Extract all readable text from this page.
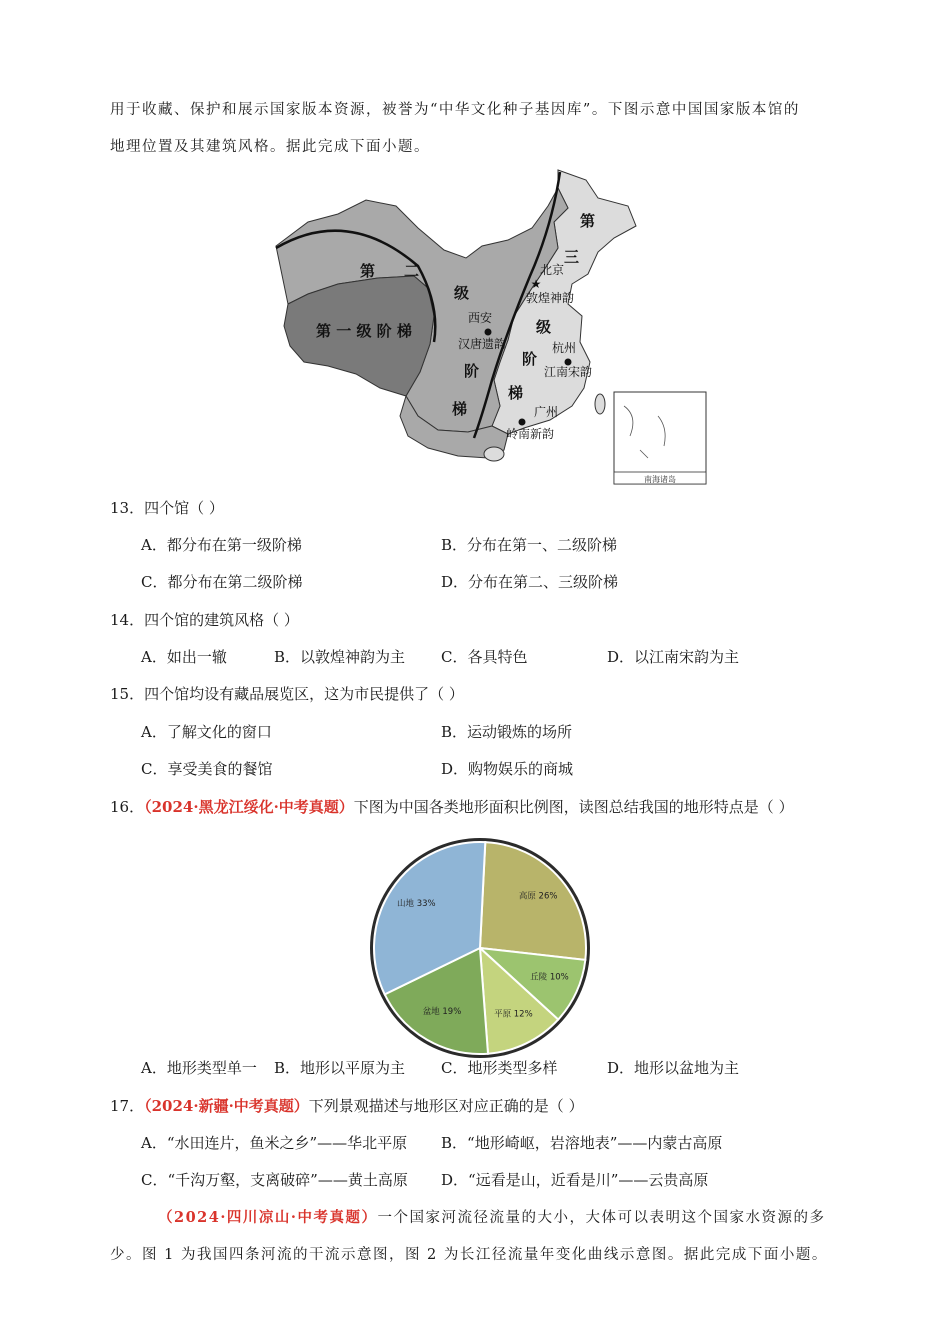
用于收藏、保护和展示国家版本资源，被誉为“中华文化种子基因库”。下图示意中国国家版本馆的
地理位置及其建筑风格。据此完成下面小题。
南海诸岛
第 一 级 阶 梯
第 二
级
阶
梯
第
三
级
阶
梯
★
北京
敦煌神韵
西安
汉唐遗韵	杭州
江南宋韵
广州
岭南新韵
13．四个馆（ ）
A．都分布在第一级阶梯	B．分布在第一、二级阶梯
C．都分布在第二级阶梯	D．分布在第二、三级阶梯
14．四个馆的建筑风格（ ）
A．如出一辙	B．以敦煌神韵为主 C．各具特色	D．以江南宋韵为主
15．四个馆均设有藏品展览区，这为市民提供了（ ）
A．了解文化的窗口	B．运动锻炼的场所
C．享受美食的餐馆	D．购物娱乐的商城
16．（2024·黑龙江绥化·中考真题）下图为中国各类地形面积比例图，读图总结我国的地形特点是（ ）
高原 26%
丘陵 10%
平原 12%
盆地 19%
山地 33%
A．地形类型单一 B．地形以平原为主 C．地形类型多样	D．地形以盆地为主
17．（2024·新疆·中考真题）下列景观描述与地形区对应正确的是（ ）
A．“水田连片，鱼米之乡”——华北平原 B．“地形崎岖，岩溶地表”——内蒙古高原
C．“千沟万壑，支离破碎”——黄土高原 D．“远看是山，近看是川”——云贵高原
（2024·四川凉山·中考真题）一个国家河流径流量的大小，大体可以表明这个国家水资源的多
少。图 1 为我国四条河流的干流示意图，图 2 为长江径流量年变化曲线示意图。据此完成下面小题。
